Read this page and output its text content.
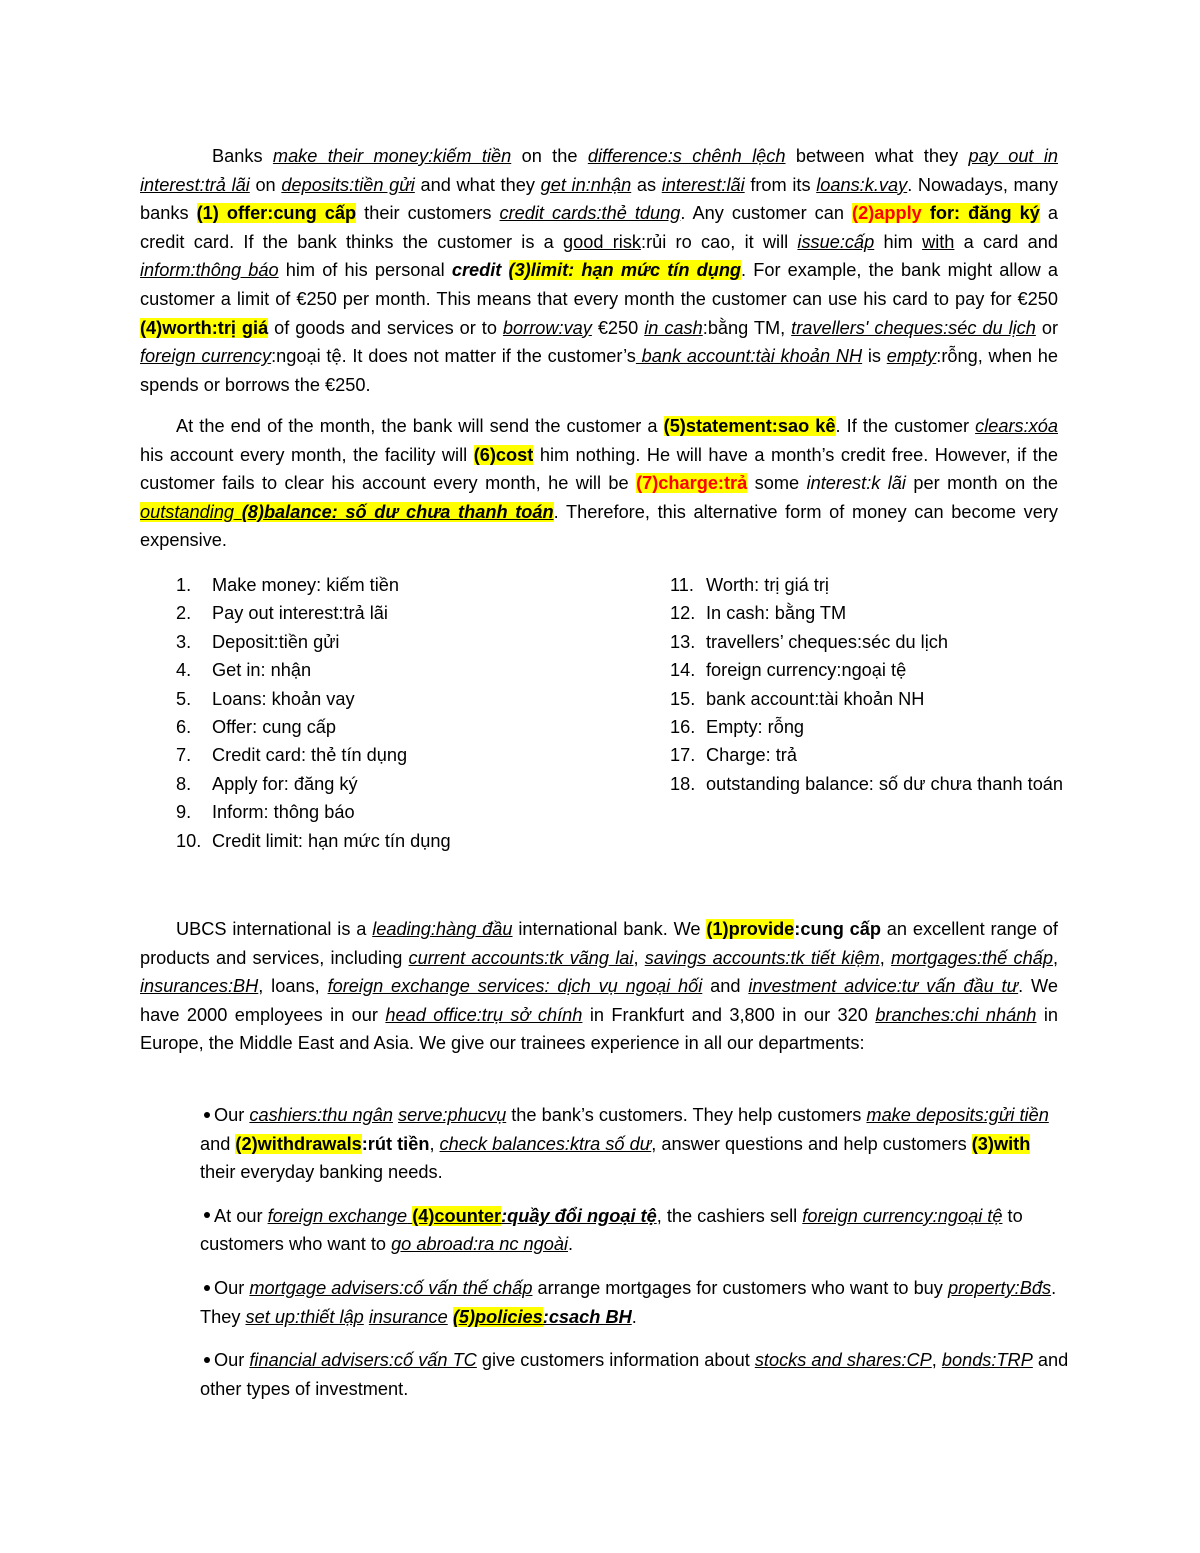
Banks make their money:kiếm tiền on the difference:s chênh lệch between what they pay out in interest:trả lãi on deposits:tiền gửi and what they get in:nhận as interest:lãi from its loans:k.vay. Nowadays, many banks (1) offer:cung cấp their customers credit cards:thẻ tdung. Any customer can (2)apply for: đăng ký a credit card. If the bank thinks the customer is a good risk:rủi ro cao, it will issue:cấp him with a card and inform:thông báo him of his personal credit (3)limit: hạn mức tín dụng. For example, the bank might allow a customer a limit of €250 per month. This means that every month the customer can use his card to pay for €250 (4)worth:trị giá of goods and services or to borrow:vay €250 in cash:bằng TM, travellers' cheques:séc du lịch or foreign currency:ngoại tệ. It does not matter if the customer’s bank account:tài khoản NH is empty:rỗng, when he spends or borrows the €250.
At the end of the month, the bank will send the customer a (5)statement:sao kê. If the customer clears:xóa his account every month, the facility will (6)cost him nothing. He will have a month’s credit free. However, if the customer fails to clear his account every month, he will be (7)charge:trả some interest:k lãi per month on the outstanding (8)balance: số dư chưa thanh toán. Therefore, this alternative form of money can become very expensive.
1. Make money: kiếm tiền
2. Pay out interest:trả lãi
3. Deposit:tiền gửi
4. Get in: nhận
5. Loans: khoản vay
6. Offer: cung cấp
7. Credit card: thẻ tín dụng
8. Apply for: đăng ký
9. Inform: thông báo
10. Credit limit: hạn mức tín dụng
11. Worth: trị giá trị
12. In cash: bằng TM
13. travellers’ cheques:séc du lịch
14. foreign currency:ngoại tệ
15. bank account:tài khoản NH
16. Empty: rỗng
17. Charge: trả
18. outstanding balance: số dư chưa thanh toán
UBCS international is a leading:hàng đầu international bank. We (1)provide:cung cấp an excellent range of products and services, including current accounts:tk vãng lai, savings accounts:tk tiết kiệm, mortgages:thế chấp, insurances:BH, loans, foreign exchange services: dịch vụ ngoại hối and investment advice:tư vấn đầu tư. We have 2000 employees in our head office:trụ sở chính in Frankfurt and 3,800 in our 320 branches:chi nhánh in Europe, the Middle East and Asia. We give our trainees experience in all our departments:

Our cashiers:thu ngân serve:phucvụ the bank’s customers. They help customers make deposits:gửi tiền and (2)withdrawals:rút tiền, check balances:ktra số dư, answer questions and help customers (3)with their everyday banking needs.

At our foreign exchange (4)counter:quầy đổi ngoại tệ, the cashiers sell foreign currency:ngoại tệ to customers who want to go abroad:ra nc ngoài.

Our mortgage advisers:cố vấn thế chấp arrange mortgages for customers who want to buy property:Bđs. They set up:thiết lập insurance (5)policies:csach BH.

Our financial advisers:cố vấn TC give customers information about stocks and shares:CP, bonds:TRP and other types of investment.
